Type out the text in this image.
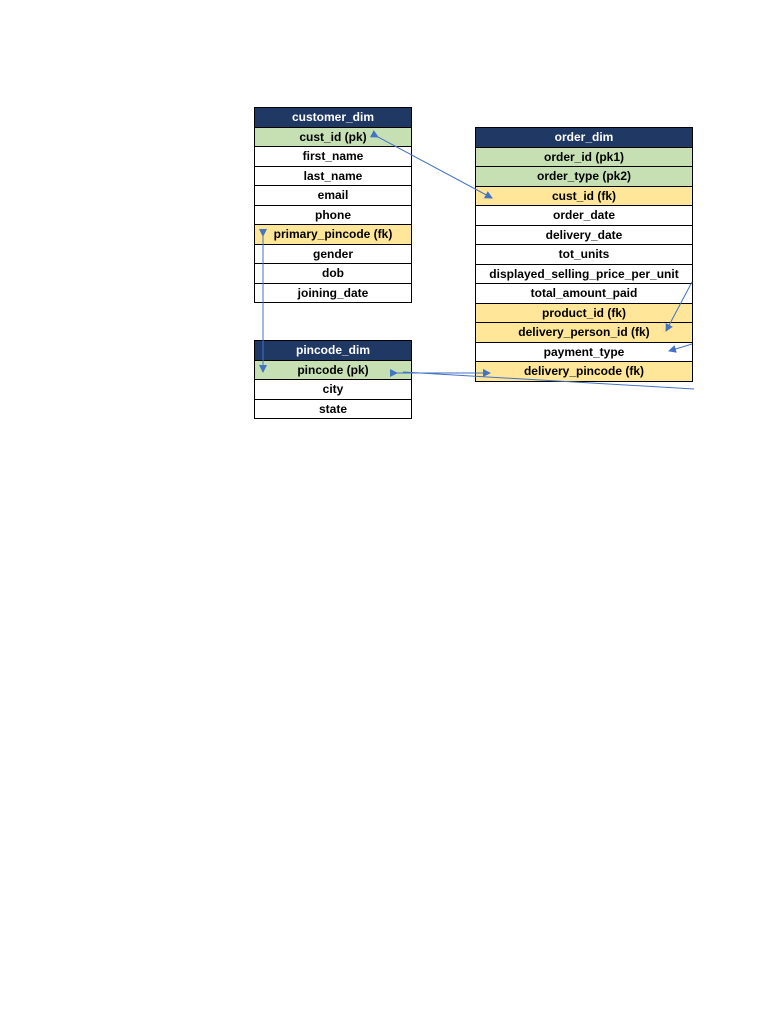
customer_dim
cust_id (pk)
first_name
last_name
email
phone
primary_pincode (fk)
gender
dob
joining_date
pincode_dim
pincode (pk)
city
state
order_dim
order_id (pk1)
order_type (pk2)
cust_id (fk)
order_date
delivery_date
tot_units
displayed_selling_price_per_unit
total_amount_paid
product_id (fk)
delivery_person_id (fk)
payment_type
delivery_pincode (fk)
